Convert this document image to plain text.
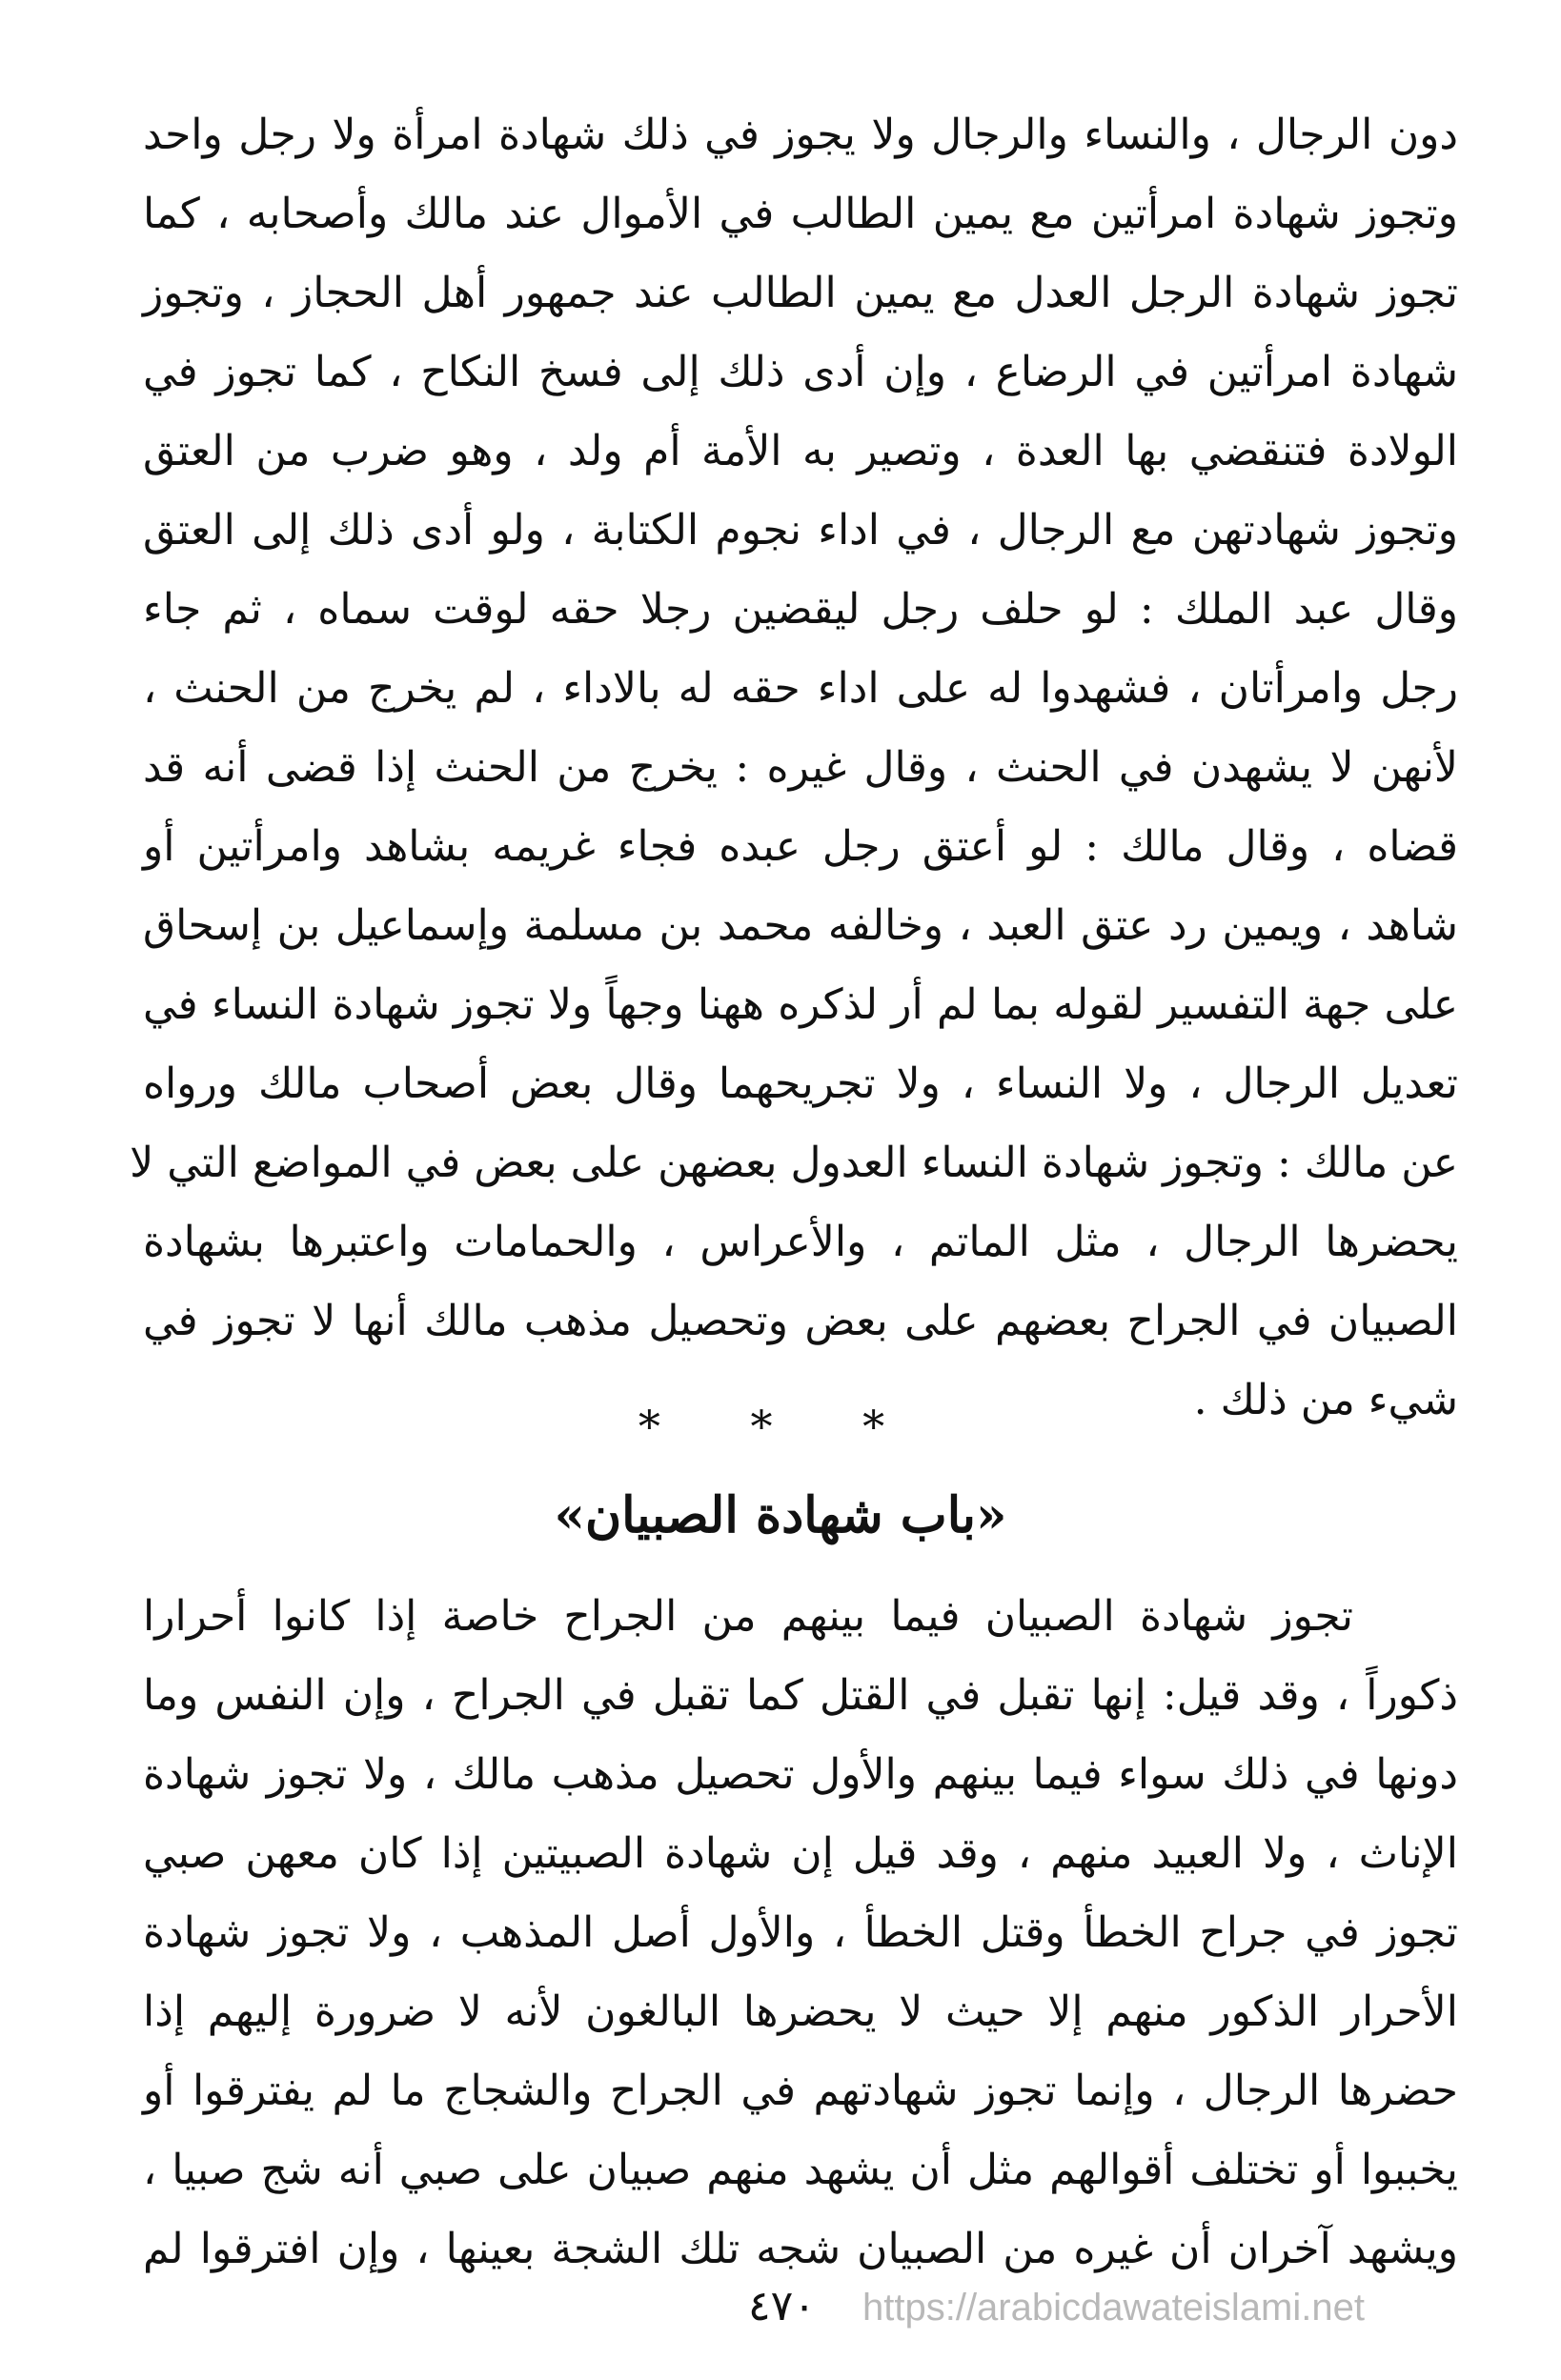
دون الرجال ، والنساء والرجال ولا يجوز في ذلك شهادة امرأة ولا رجل واحد
وتجوز شهادة امرأتين مع يمين الطالب في الأموال عند مالك وأصحابه ، كما
تجوز شهادة الرجل العدل مع يمين الطالب عند جمهور أهل الحجاز ، وتجوز
شهادة امرأتين في الرضاع ، وإن أدى ذلك إلى فسخ النكاح ، كما تجوز في
الولادة فتنقضي بها العدة ، وتصير به الأمة أم ولد ، وهو ضرب من العتق
وتجوز شهادتهن مع الرجال ، في اداء نجوم الكتابة ، ولو أدى ذلك إلى العتق
وقال عبد الملك : لو حلف رجل ليقضين رجلا حقه لوقت سماه ، ثم جاء
رجل وامرأتان ، فشهدوا له على اداء حقه له بالاداء ، لم يخرج من الحنث ،
لأنهن لا يشهدن في الحنث ، وقال غيره : يخرج من الحنث إذا قضى أنه قد
قضاه ، وقال مالك : لو أعتق رجل عبده فجاء غريمه بشاهد وامرأتين أو
شاهد ، ويمين رد عتق العبد ، وخالفه محمد بن مسلمة وإسماعيل بن إسحاق
على جهة التفسير لقوله بما لم أر لذكره ههنا وجهاً ولا تجوز شهادة النساء في
تعديل الرجال ، ولا النساء ، ولا تجريحهما وقال بعض أصحاب مالك ورواه
عن مالك : وتجوز شهادة النساء العدول بعضهن على بعض في المواضع التي لا
يحضرها الرجال ، مثل الماتم ، والأعراس ، والحمامات واعتبرها بشهادة
الصبيان في الجراح بعضهم على بعض وتحصيل مذهب مالك أنها لا تجوز في
شيء من ذلك .
* * *
«باب شهادة الصبيان»
تجوز شهادة الصبيان فيما بينهم من الجراح خاصة إذا كانوا أحرارا
ذكوراً ، وقد قيل: إنها تقبل في القتل كما تقبل في الجراح ، وإن النفس وما
دونها في ذلك سواء فيما بينهم والأول تحصيل مذهب مالك ، ولا تجوز شهادة
الإناث ، ولا العبيد منهم ، وقد قيل إن شهادة الصبيتين إذا كان معهن صبي
تجوز في جراح الخطأ وقتل الخطأ ، والأول أصل المذهب ، ولا تجوز شهادة
الأحرار الذكور منهم إلا حيث لا يحضرها البالغون لأنه لا ضرورة إليهم إذا
حضرها الرجال ، وإنما تجوز شهادتهم في الجراح والشجاج ما لم يفترقوا أو
يخببوا أو تختلف أقوالهم مثل أن يشهد منهم صبيان على صبي أنه شج صبيا ،
ويشهد آخران أن غيره من الصبيان شجه تلك الشجة بعينها ، وإن افترقوا لم
٤٧٠ https://arabicdawateislami.net
